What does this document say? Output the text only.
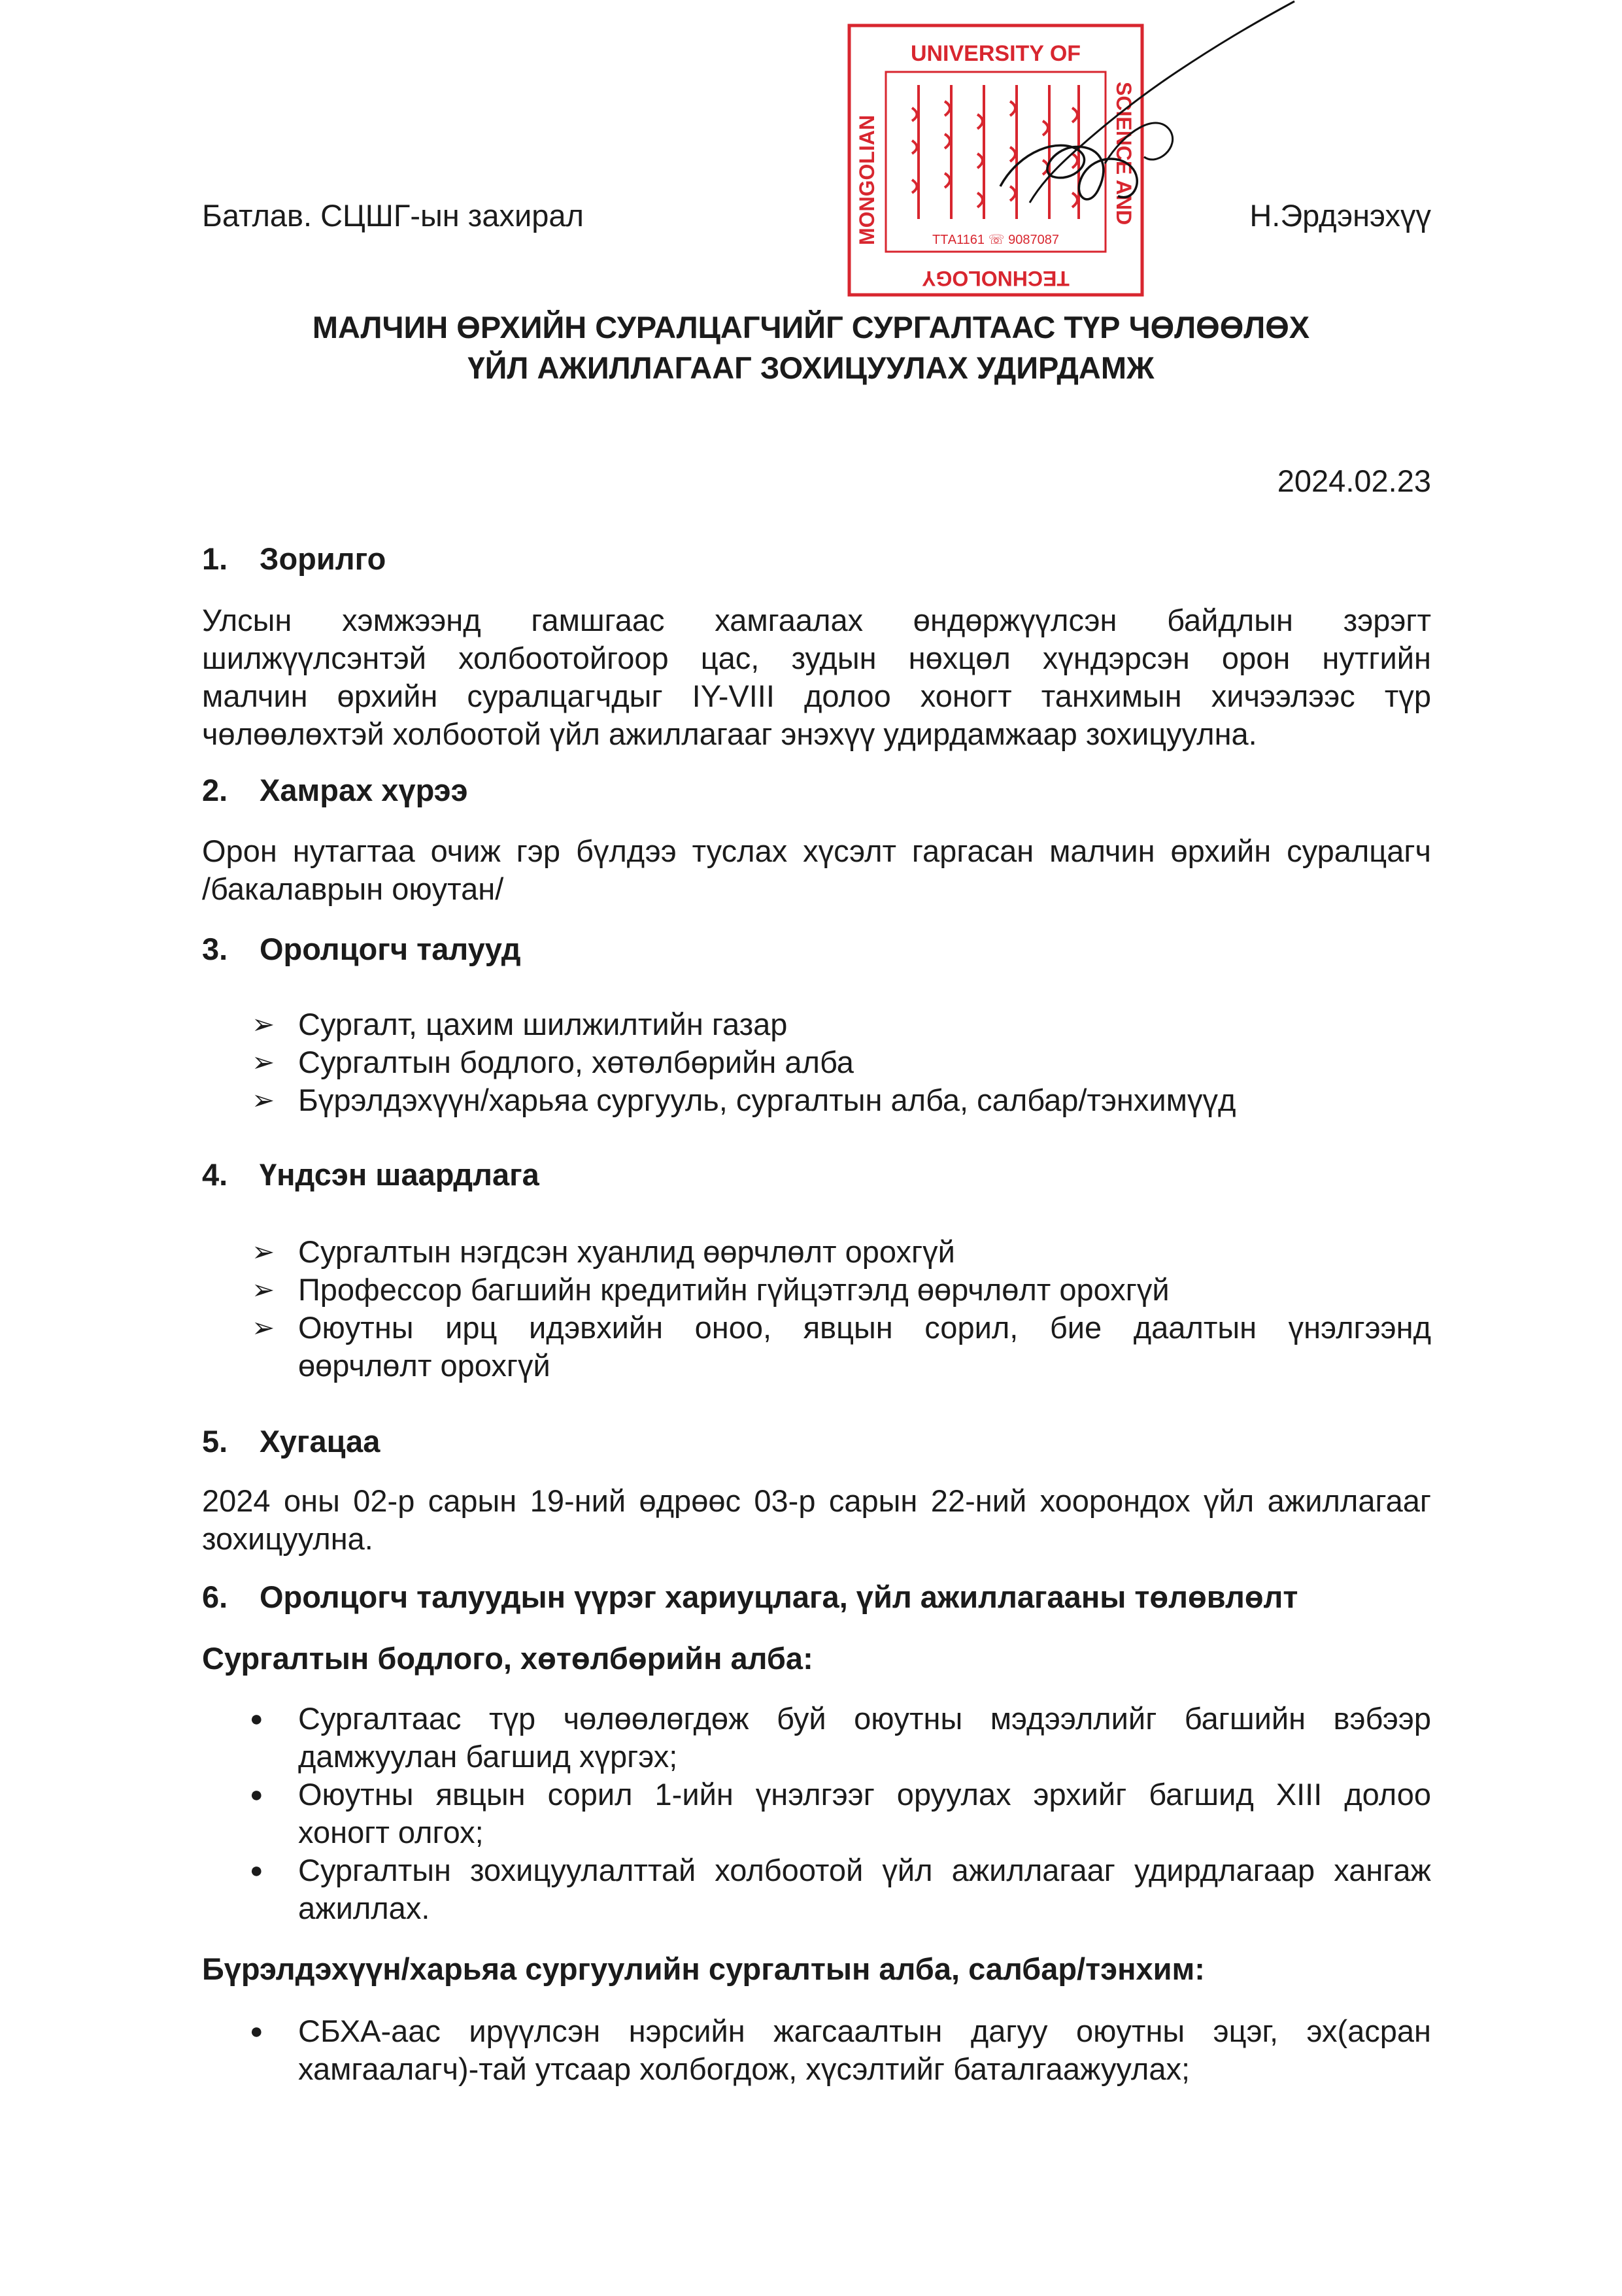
Батлав. СЦШГ-ын захирал	Н.Эрдэнэхүү
UNIVERSITY OF
MONGOLIAN	SCIENCE AND
TECHNOLOGY
ТТА1161 ☏ 9087087
МАЛЧИН ӨРХИЙН СУРАЛЦАГЧИЙГ СУРГАЛТААС ТҮР ЧӨЛӨӨЛӨХ
ҮЙЛ АЖИЛЛАГААГ ЗОХИЦУУЛАХ УДИРДАМЖ
2024.02.23
1. Зорилго
Улсын хэмжээнд гамшгаас хамгаалах өндөржүүлсэн байдлын зэрэгт
шилжүүлсэнтэй холбоотойгоор цас, зудын нөхцөл хүндэрсэн орон нутгийн
малчин өрхийн суралцагчдыг IY-VIII долоо хоногт танхимын хичээлээс түр
чөлөөлөхтэй холбоотой үйл ажиллагааг энэхүү удирдамжаар зохицуулна.
2. Хамрах хүрээ
Орон нутагтаа очиж гэр бүлдээ туслах хүсэлт гаргасан малчин өрхийн суралцагч
/бакалаврын оюутан/
3. Оролцогч талууд
➢ Сургалт, цахим шилжилтийн газар
➢ Сургалтын бодлого, хөтөлбөрийн алба
➢ Бүрэлдэхүүн/харьяа сургууль, сургалтын алба, салбар/тэнхимүүд
4. Үндсэн шаардлага
➢ Сургалтын нэгдсэн хуанлид өөрчлөлт орохгүй
➢ Профессор багшийн кредитийн гүйцэтгэлд өөрчлөлт орохгүй
➢ Оюутны ирц идэвхийн оноо, явцын сорил, бие даалтын үнэлгээнд
өөрчлөлт орохгүй
5. Хугацаа
2024 оны 02-р сарын 19-ний өдрөөс 03-р сарын 22-ний хоорондох үйл ажиллагааг
зохицуулна.
6. Оролцогч талуудын үүрэг хариуцлага, үйл ажиллагааны төлөвлөлт
Сургалтын бодлого, хөтөлбөрийн алба:
● Сургалтаас түр чөлөөлөгдөж буй оюутны мэдээллийг багшийн вэбээр
дамжуулан багшид хүргэх;
● Оюутны явцын сорил 1-ийн үнэлгээг оруулах эрхийг багшид XIII долоо
хоногт олгох;
● Сургалтын зохицуулалттай холбоотой үйл ажиллагааг удирдлагаар хангаж
ажиллах.
Бүрэлдэхүүн/харьяа сургуулийн сургалтын алба, салбар/тэнхим:
● СБХА-аас ирүүлсэн нэрсийн жагсаалтын дагуу оюутны эцэг, эх(асран
хамгаалагч)-тай утсаар холбогдож, хүсэлтийг баталгаажуулах;
